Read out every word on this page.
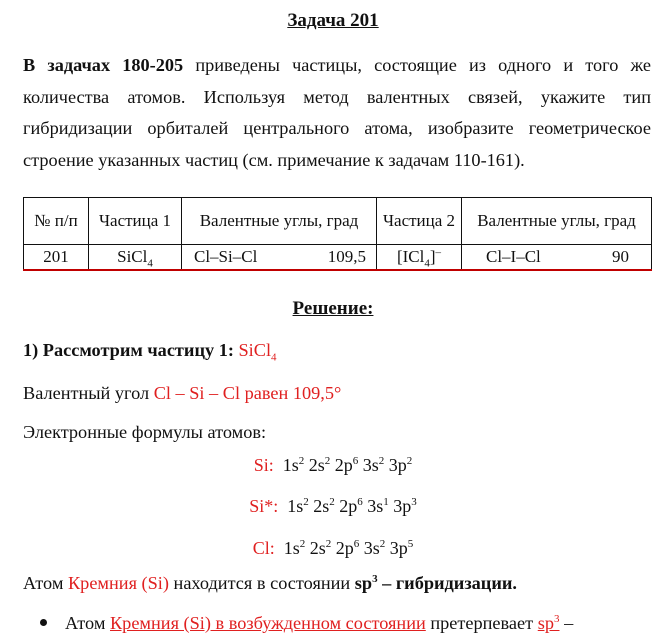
Задача 201
В задачах 180-205 приведены частицы, состоящие из одного и того же количества атомов. Используя метод валентных связей, укажите тип гибридизации орбиталей центрального атома, изобразите геометрическое строение указанных частиц (см. примечание к задачам 110-161).
№ п/п	Частица 1	Валентные углы, град	Частица 2	Валентные углы, град
201	SiCl$_4$	Cl–Si–Cl 109,5	[ICl$_4$]–	Cl–I–Cl 90
Решение:
1) Рассмотрим частицу 1: SiCl$_4$
Валентный угол Cl – Si – Cl равен 109,5°
Электронные формулы атомов:
Si: $1s^2$ $2s^2$ $2p^6$ $3s^2$ $3p^2$
Si*: $1s^2$ $2s^2$ $2p^6$ $3s^1$ $3p^3$
Cl: $1s^2$ $2s^2$ $2p^6$ $3s^2$ $3p^5$
Атом Кремния (Si) находится в состоянии $sp^3$ – гибридизации.
Атом Кремния (Si) в возбужденном состоянии претерпевает $sp^3$ –
